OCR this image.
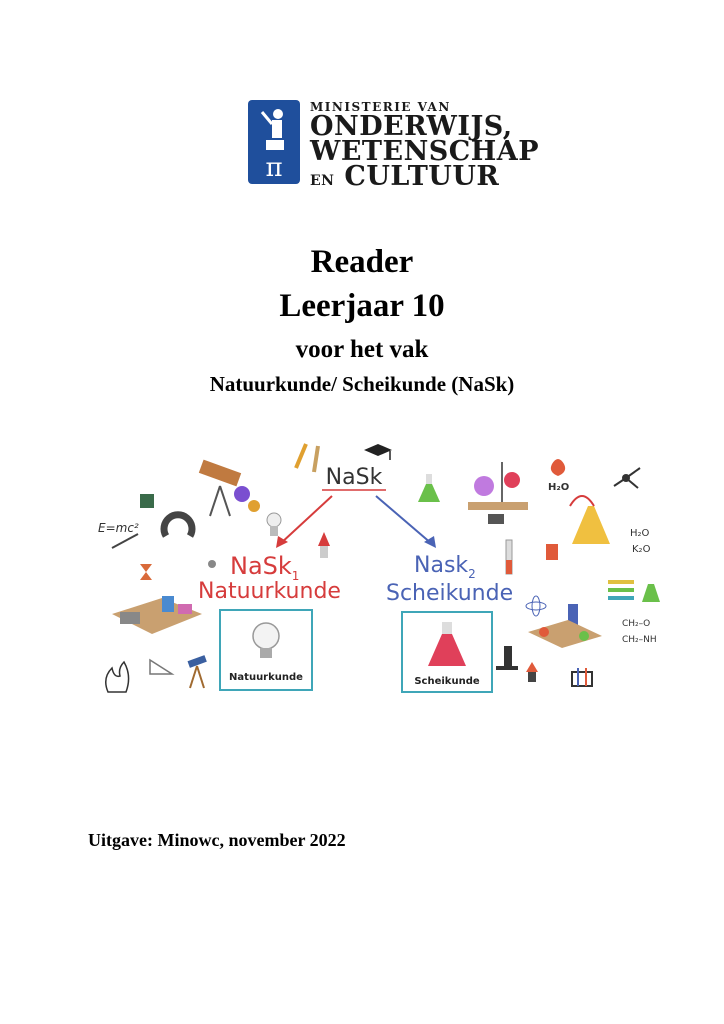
π
MINISTERIE VAN
ONDERWIJS,
WETENSCHAP
EN CULTUUR
Reader
Leerjaar 10
voor het vak
Natuurkunde/ Scheikunde (NaSk)
NaSk
NaSk$_1$
Natuurkunde
Nask$_2$
Scheikunde
Natuurkunde	Scheikunde
E=mc²
H₂O
H₂O
K₂O
CH₂–O
CH₂–NH
Uitgave: Minowc, november 2022
